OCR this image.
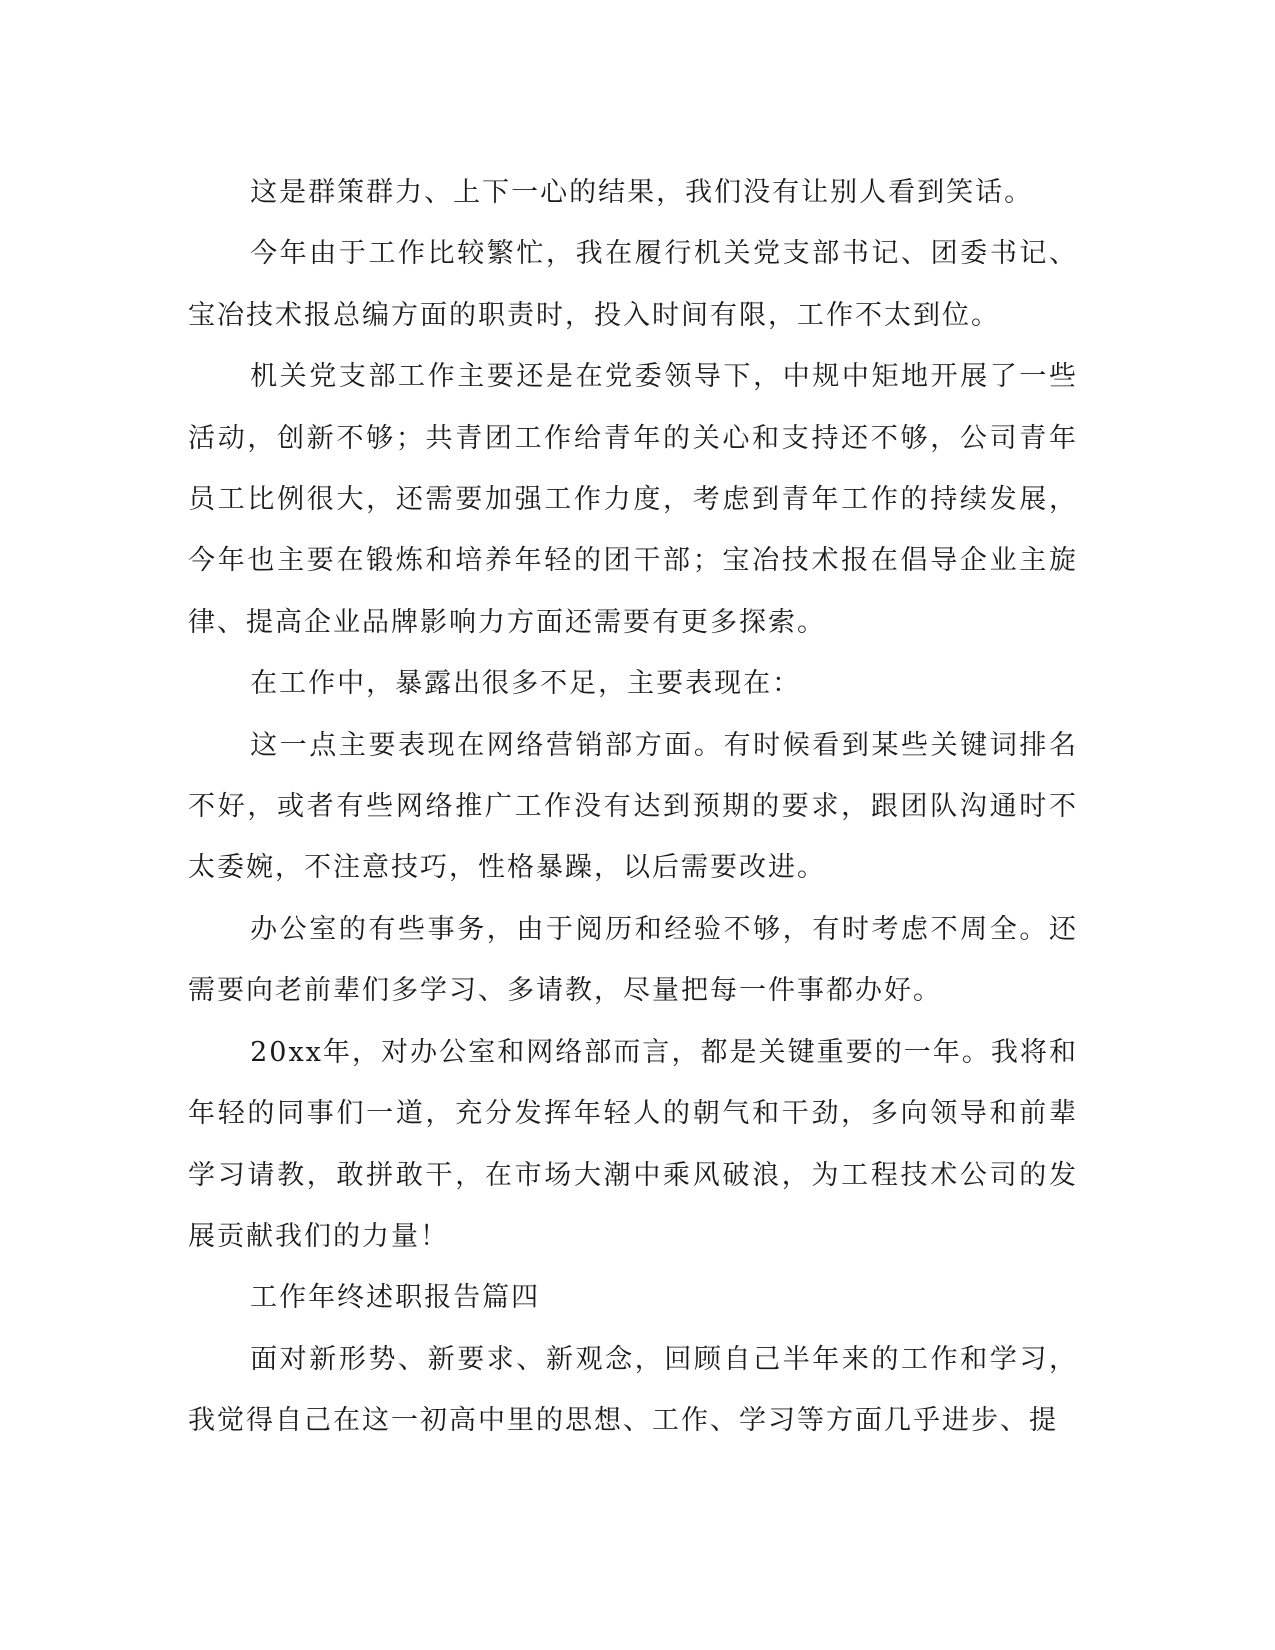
这是群策群力、上下一心的结果，我们没有让别人看到笑话。

今年由于工作比较繁忙，我在履行机关党支部书记、团委书记、宝冶技术报总编方面的职责时，投入时间有限，工作不太到位。

机关党支部工作主要还是在党委领导下，中规中矩地开展了一些活动，创新不够；共青团工作给青年的关心和支持还不够，公司青年员工比例很大，还需要加强工作力度，考虑到青年工作的持续发展，今年也主要在锻炼和培养年轻的团干部；宝冶技术报在倡导企业主旋律、提高企业品牌影响力方面还需要有更多探索。

在工作中，暴露出很多不足，主要表现在：

这一点主要表现在网络营销部方面。有时候看到某些关键词排名不好，或者有些网络推广工作没有达到预期的要求，跟团队沟通时不太委婉，不注意技巧，性格暴躁，以后需要改进。

办公室的有些事务，由于阅历和经验不够，有时考虑不周全。还需要向老前辈们多学习、多请教，尽量把每一件事都办好。

20xx年，对办公室和网络部而言，都是关键重要的一年。我将和年轻的同事们一道，充分发挥年轻人的朝气和干劲，多向领导和前辈学习请教，敢拼敢干，在市场大潮中乘风破浪，为工程技术公司的发展贡献我们的力量！

工作年终述职报告篇四

面对新形势、新要求、新观念，回顾自己半年来的工作和学习，我觉得自己在这一初高中里的思想、工作、学习等方面几乎进步、提
